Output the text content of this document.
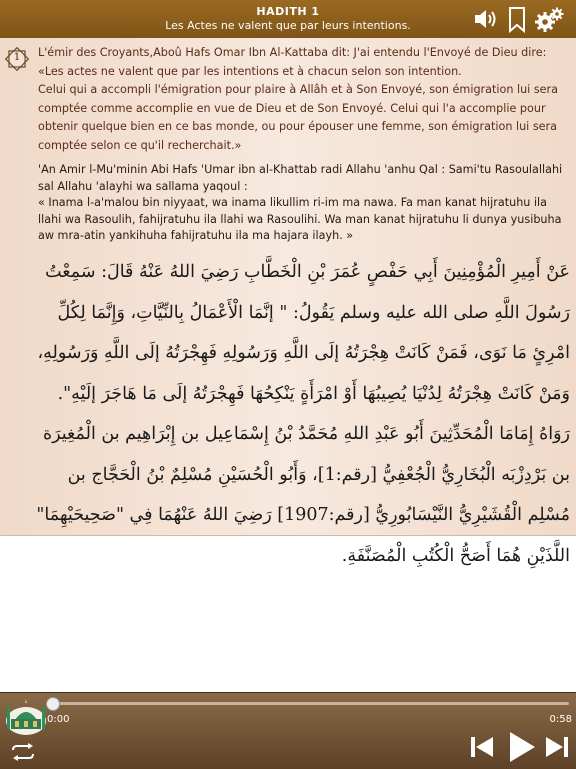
HADITH 1
Les Actes ne valent que par leurs intentions.
1	L'émir des Croyants,Aboû Hafs Omar Ibn Al-Kattaba dit: J'ai entendu l'Envoyé de Dieu dire:

«Les actes ne valent que par les intentions et à chacun selon son intention.

Celui qui a accompli l'émigration pour plaire à Allâh et à Son Envoyé, son émigration lui sera comptée comme accomplie en vue de Dieu et de Son Envoyé. Celui qui l'a accomplie pour obtenir quelque bien en ce bas monde, ou pour épouser une femme, son émigration lui sera comptée selon ce qu'il recherchait.»

'An Amir l-Mu'minin Abi Hafs 'Umar ibn al-Khattab radi Allahu 'anhu Qal : Sami'tu Rasoulallahi sal Allahu 'alayhi wa sallama yaqoul :

« Inama l-a'malou bin niyyaat, wa inama likullim ri-im ma nawa. Fa man kanat hijratuhu ila llahi wa Rasoulih, fahijratuhu ila llahi wa Rasoulihi. Wa man kanat hijratuhu li dunya yusibuha aw mra-atin yankihuha fahijratuhu ila ma hajara ilayh. »

عَنْ أَمِيرِ الْمُؤْمِنِينَ أَبِي حَفْصٍ عُمَرَ بْنِ الْخَطَّابِ رَضِيَ اللهُ عَنْهُ قَالَ: سَمِعْتُ رَسُولَ اللَّهِ صلى الله عليه وسلم يَقُولُ: " إنَّمَا الْأَعْمَالُ بِالنِّيَّاتِ، وَإِنَّمَا لِكُلِّ امْرِئٍ مَا نَوَى، فَمَنْ كَانَتْ هِجْرَتُهُ إلَى اللَّهِ وَرَسُولِهِ فَهِجْرَتُهُ إلَى اللَّهِ وَرَسُولِهِ، وَمَنْ كَانَتْ هِجْرَتُهُ لِدُنْيَا يُصِيبُهَا أَوْ امْرَأَةٍ يَنْكِحُهَا فَهِجْرَتُهُ إلَى مَا هَاجَرَ إلَيْهِ".

رَوَاهُ إِمَامَا الْمُحَدِّثِينَ أَبُو عَبْدِ اللهِ مُحَمَّدُ بْنُ إِسْمَاعِيل بن إِبْرَاهِيم بن الْمُغِيرَة بن بَرْدِزْبَه الْبُخَارِيُّ الْجُعْفِيُّ [رقم:1]، وَأَبُو الْحُسَيْنِ مُسْلِمٌ بْنُ الْحَجَّاج بن مُسْلِم الْقُشَيْرِيُّ النَّيْسَابُورِيُّ [رقم:1907] رَضِيَ اللهُ عَنْهُمَا فِي "صَحِيحَيْهِمَا" اللَّذَيْنِ هُمَا أَصَحُّ الْكُتُبِ الْمُصَنَّفَةِ.

0:00	0:58
